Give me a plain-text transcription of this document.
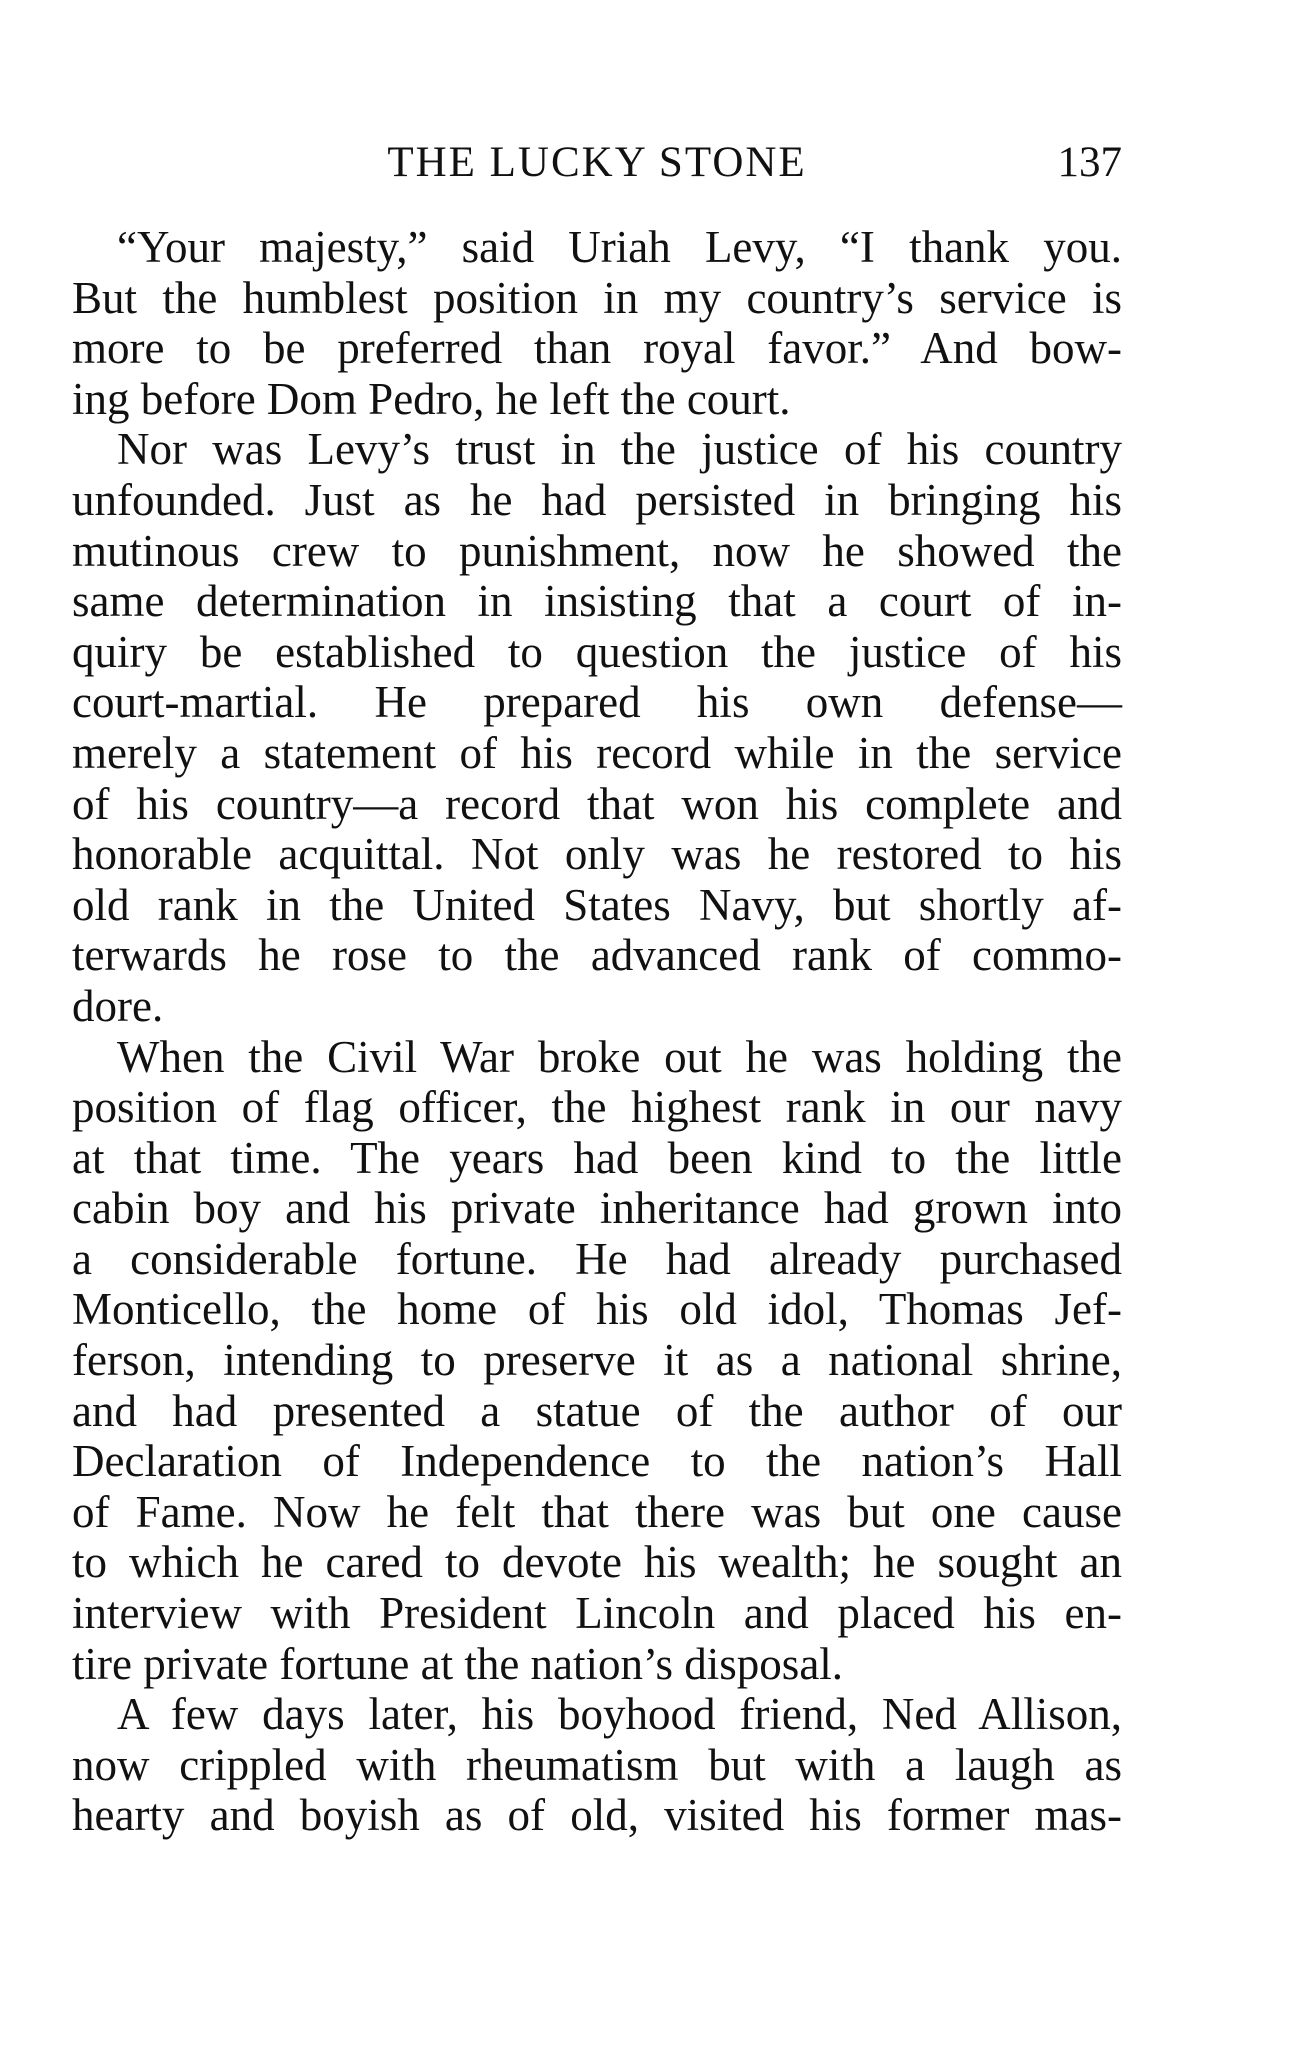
THE LUCKY STONE	137
“Your majesty,” said Uriah Levy, “I thank you.
But the humblest position in my country’s service is
more to be preferred than royal favor.” And bow-
ing before Dom Pedro, he left the court.
Nor was Levy’s trust in the justice of his country
unfounded. Just as he had persisted in bringing his
mutinous crew to punishment, now he showed the
same determination in insisting that a court of in-
quiry be established to question the justice of his
court-martial. He prepared his own defense—
merely a statement of his record while in the service
of his country—a record that won his complete and
honorable acquittal. Not only was he restored to his
old rank in the United States Navy, but shortly af-
terwards he rose to the advanced rank of commo-
dore.
When the Civil War broke out he was holding the
position of flag officer, the highest rank in our navy
at that time. The years had been kind to the little
cabin boy and his private inheritance had grown into
a considerable fortune. He had already purchased
Monticello, the home of his old idol, Thomas Jef-
ferson, intending to preserve it as a national shrine,
and had presented a statue of the author of our
Declaration of Independence to the nation’s Hall
of Fame. Now he felt that there was but one cause
to which he cared to devote his wealth; he sought an
interview with President Lincoln and placed his en-
tire private fortune at the nation’s disposal.
A few days later, his boyhood friend, Ned Allison,
now crippled with rheumatism but with a laugh as
hearty and boyish as of old, visited his former mas-
